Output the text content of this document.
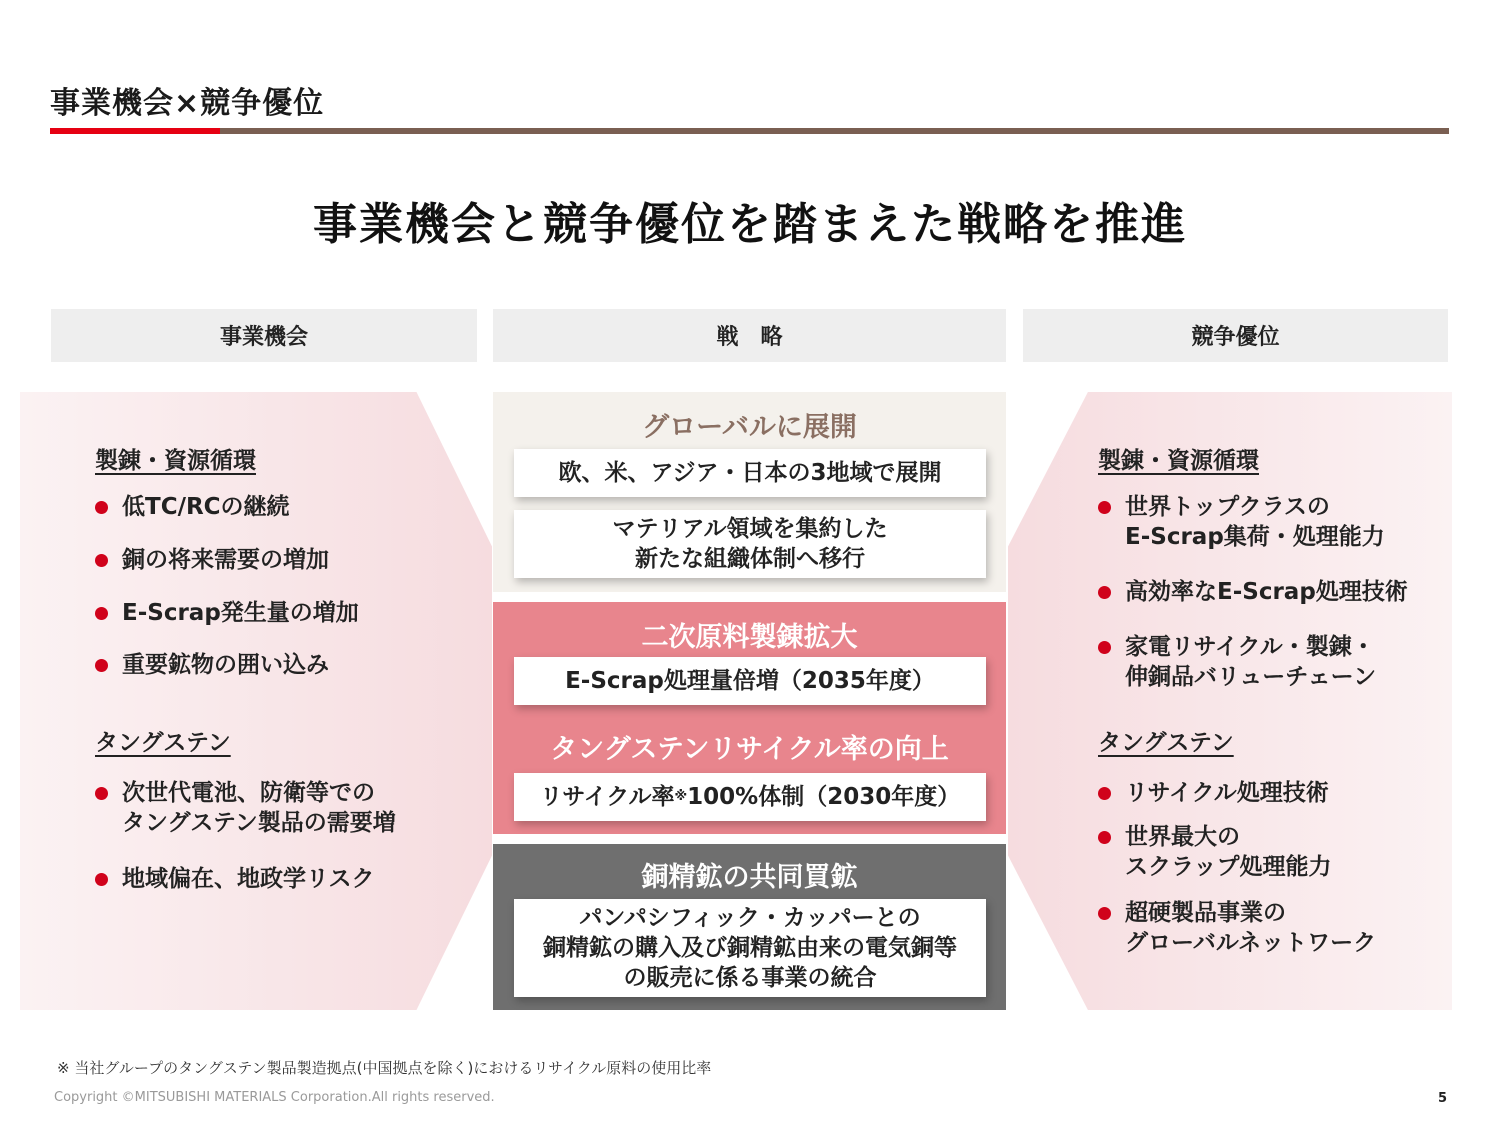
事業機会×競争優位
事業機会と競争優位を踏まえた戦略を推進
事業機会	戦　略	競争優位
製錬・資源循環
低TC/RCの継続
銅の将来需要の増加
E-Scrap発生量の増加
重要鉱物の囲い込み
タングステン
次世代電池、防衛等での
タングステン製品の需要増
地域偏在、地政学リスク
グローバルに展開
欧、米、アジア・日本の3地域で展開
マテリアル領域を集約した
新たな組織体制へ移行
二次原料製錬拡大
E-Scrap処理量倍増（2035年度）
タングステンリサイクル率の向上
リサイクル率 ※ 100%体制（2030年度）
銅精鉱の共同買鉱
パンパシフィック・カッパーとの
銅精鉱の購入及び銅精鉱由来の電気銅等
の販売に係る事業の統合
製錬・資源循環
世界トップクラスの
E-Scrap集荷・処理能力
高効率なE-Scrap処理技術
家電リサイクル・製錬・
伸銅品バリューチェーン
タングステン
リサイクル処理技術
世界最大の
スクラップ処理能力
超硬製品事業の
グローバルネットワーク
※ 当社グループのタングステン製品製造拠点(中国拠点を除く)におけるリサイクル原料の使用比率
Copyright ©MITSUBISHI MATERIALS Corporation.All rights reserved.	5
